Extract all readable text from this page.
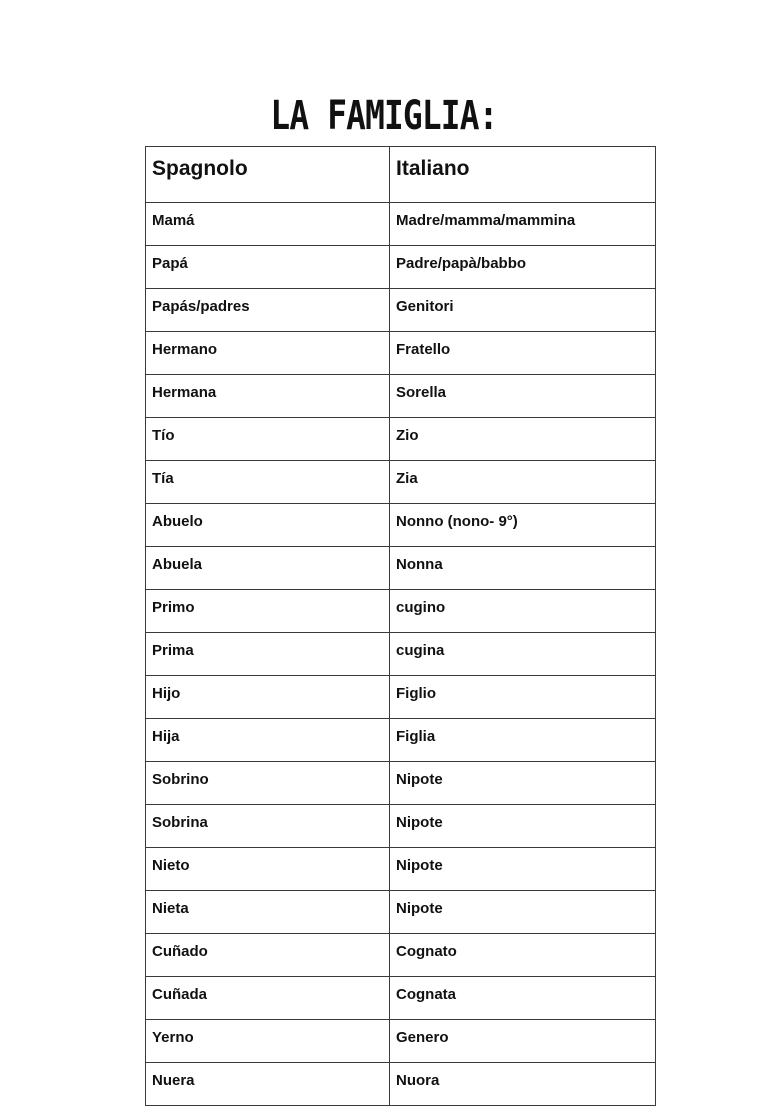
LA FAMIGLIA:
Spagnolo	Italiano
Mamá	Madre/mamma/mammina
Papá	Padre/papà/babbo
Papás/padres	Genitori
Hermano	Fratello
Hermana	Sorella
Tío	Zio
Tía	Zia
Abuelo	Nonno (nono- 9°)
Abuela	Nonna
Primo	cugino
Prima	cugina
Hijo	Figlio
Hija	Figlia
Sobrino	Nipote
Sobrina	Nipote
Nieto	Nipote
Nieta	Nipote
Cuñado	Cognato
Cuñada	Cognata
Yerno	Genero
Nuera	Nuora
